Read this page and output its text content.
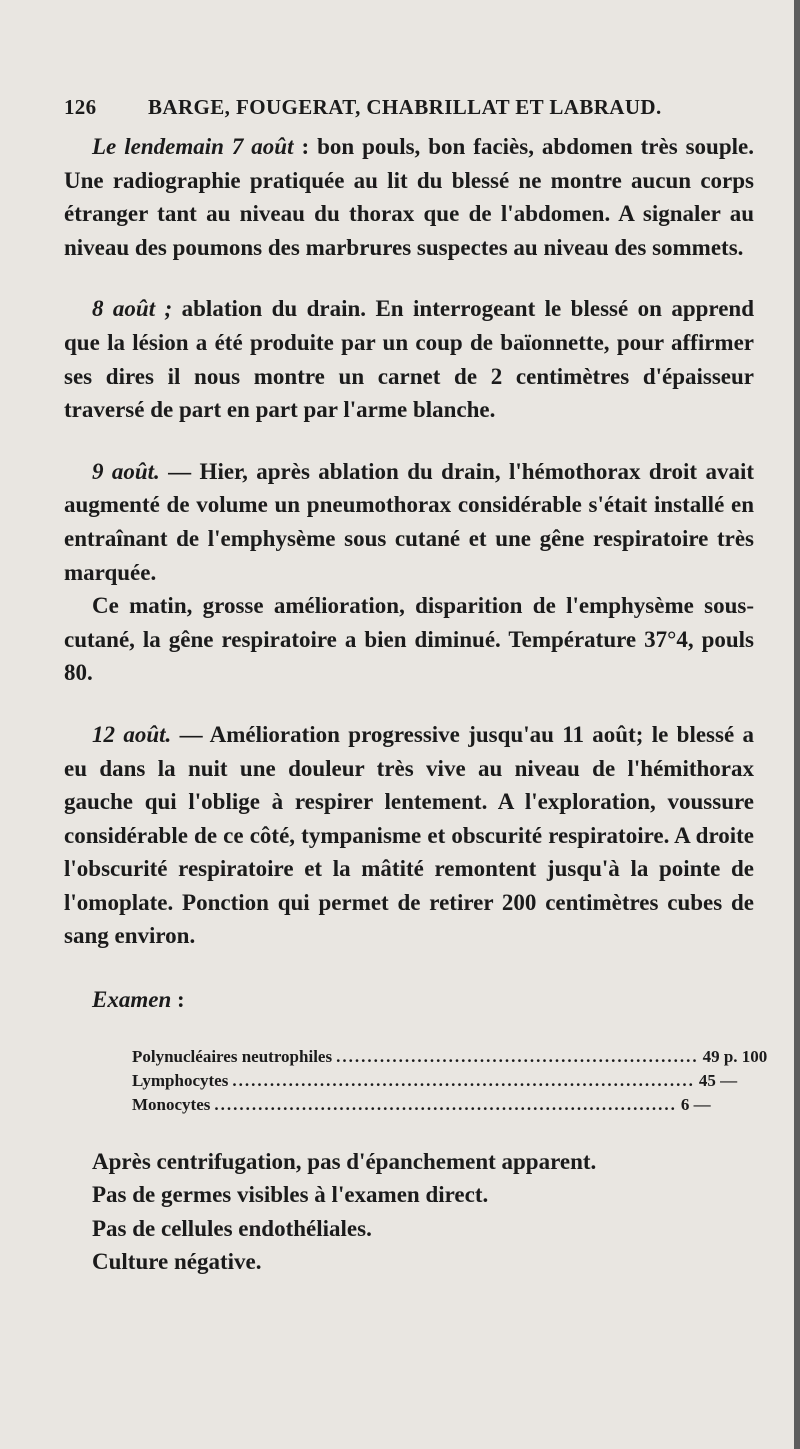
126 BARGE, FOUGERAT, CHABRILLAT ET LABRAUD.

Le lendemain 7 août : bon pouls, bon faciès, abdomen très souple. Une radiographie pratiquée au lit du blessé ne montre aucun corps étranger tant au niveau du thorax que de l'abdomen. A signaler au niveau des poumons des marbrures suspectes au niveau des sommets.

8 août ; ablation du drain. En interrogeant le blessé on apprend que la lésion a été produite par un coup de baïonnette, pour affirmer ses dires il nous montre un carnet de 2 centimètres d'épaisseur traversé de part en part par l'arme blanche.

9 août. — Hier, après ablation du drain, l'hémothorax droit avait augmenté de volume un pneumothorax considérable s'était installé en entraînant de l'emphysème sous cutané et une gêne respiratoire très marquée.

Ce matin, grosse amélioration, disparition de l'emphysème sous-cutané, la gêne respiratoire a bien diminué. Température 37°4, pouls 80.

12 août. — Amélioration progressive jusqu'au 11 août; le blessé a eu dans la nuit une douleur très vive au niveau de l'hémithorax gauche qui l'oblige à respirer lentement. A l'exploration, voussure considérable de ce côté, tympanisme et obscurité respiratoire. A droite l'obscurité respiratoire et la mâtité remontent jusqu'à la pointe de l'omoplate. Ponction qui permet de retirer 200 centimètres cubes de sang environ.

Examen :

Polynucléaires neutrophiles .......................................................... 49 p. 100
Lymphocytes .......................................................................... 45 —
Monocytes .......................................................................... 6 —

Après centrifugation, pas d'épanchement apparent.

Pas de germes visibles à l'examen direct.

Pas de cellules endothéliales.

Culture négative.
